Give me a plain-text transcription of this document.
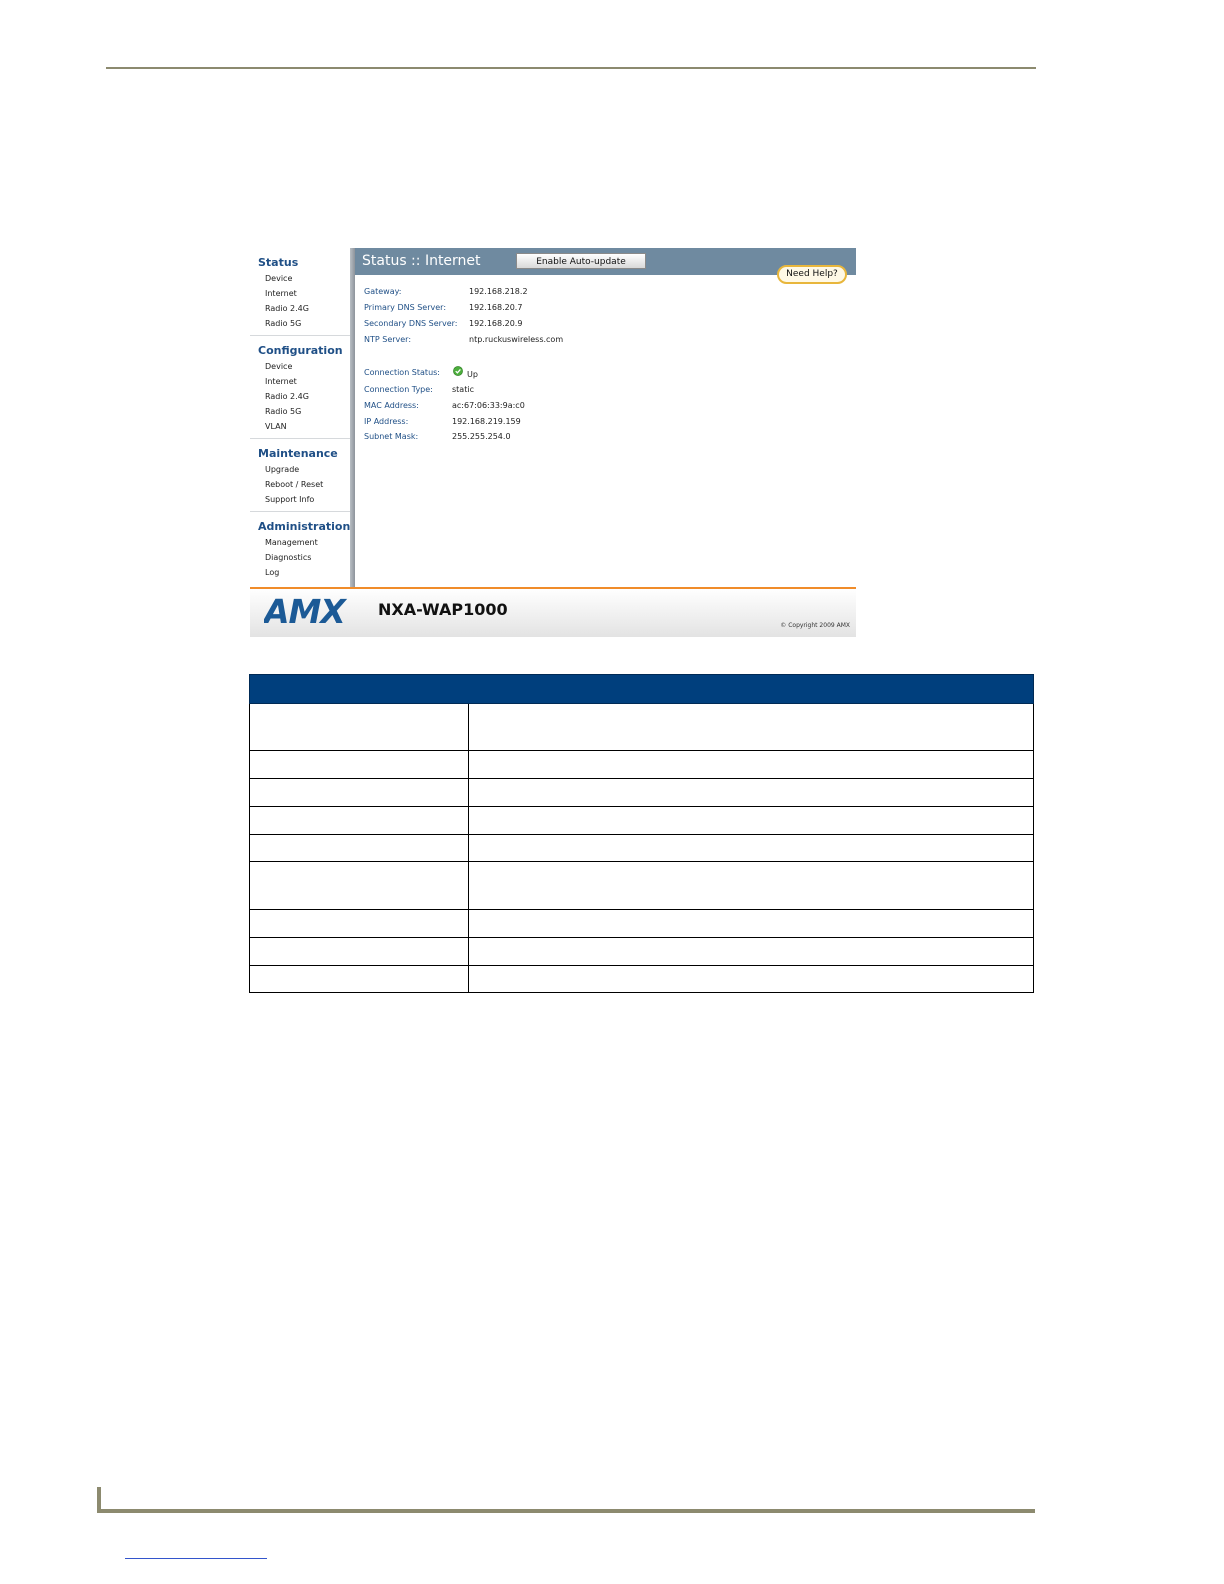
Status
Device
Internet
Radio 2.4G
Radio 5G
Configuration
Device
Internet
Radio 2.4G
Radio 5G
VLAN
Maintenance
Upgrade
Reboot / Reset
Support Info
Administration
Management
Diagnostics
Log
Status :: Internet	Enable Auto-update
Need Help?
Gateway:	192.168.218.2
Primary DNS Server:	192.168.20.7
Secondary DNS Server: 192.168.20.9
NTP Server:	ntp.ruckuswireless.com
Connection Status:	Up
Connection Type: static
MAC Address:	ac:67:06:33:9a:c0
IP Address:	192.168.219.159
Subnet Mask:	255.255.254.0
AMX NXA-WAP1000
© Copyright 2009 AMX
